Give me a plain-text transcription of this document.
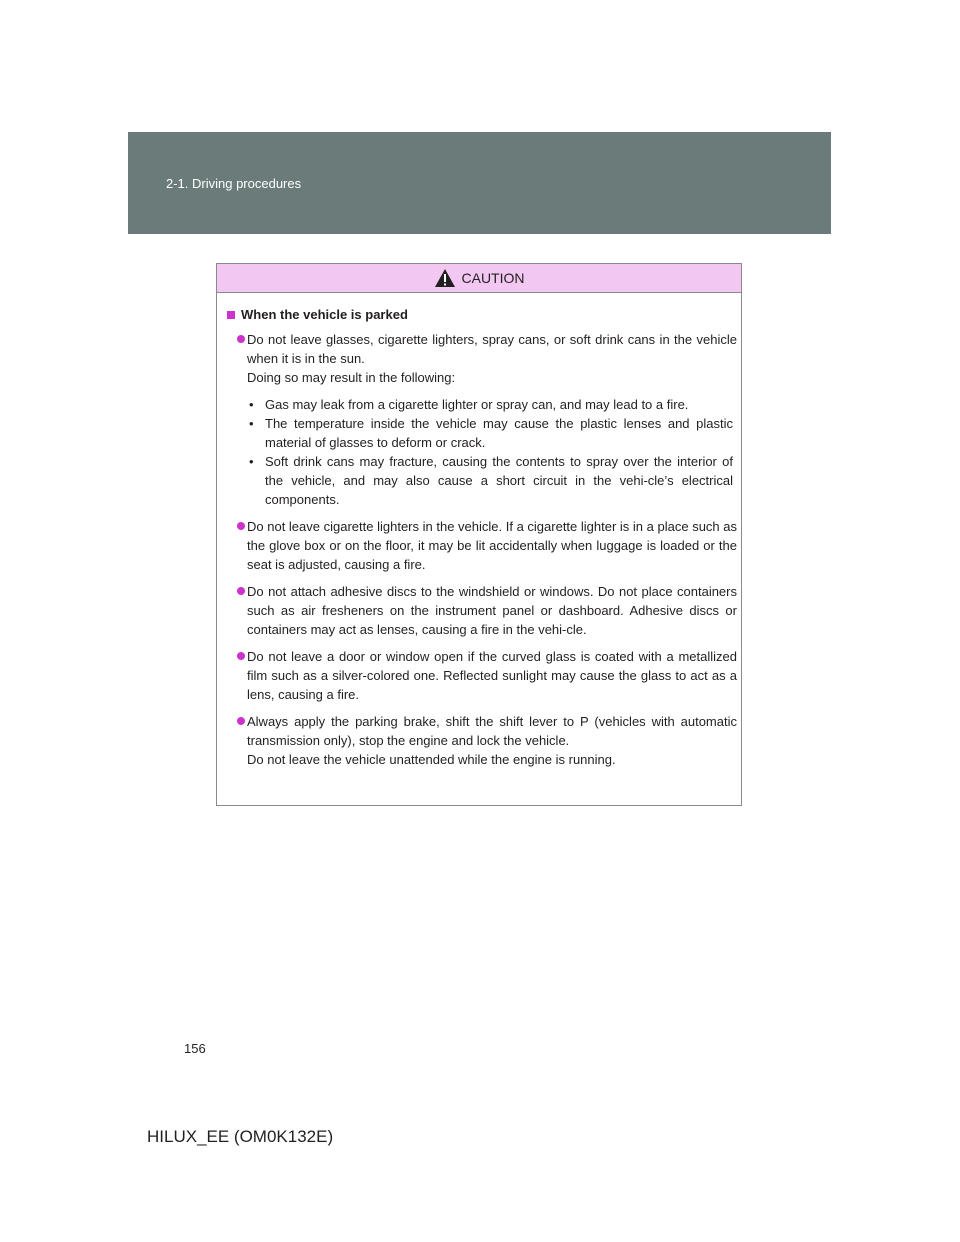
2-1. Driving procedures
CAUTION
When the vehicle is parked
Do not leave glasses, cigarette lighters, spray cans, or soft drink cans in the vehicle when it is in the sun.
Doing so may result in the following:
• Gas may leak from a cigarette lighter or spray can, and may lead to a fire.
• The temperature inside the vehicle may cause the plastic lenses and plastic material of glasses to deform or crack.
• Soft drink cans may fracture, causing the contents to spray over the interior of the vehicle, and may also cause a short circuit in the vehi-cle’s electrical components.
Do not leave cigarette lighters in the vehicle. If a cigarette lighter is in a place such as the glove box or on the floor, it may be lit accidentally when luggage is loaded or the seat is adjusted, causing a fire.
Do not attach adhesive discs to the windshield or windows. Do not place containers such as air fresheners on the instrument panel or dashboard. Adhesive discs or containers may act as lenses, causing a fire in the vehi-cle.
Do not leave a door or window open if the curved glass is coated with a metallized film such as a silver-colored one. Reflected sunlight may cause the glass to act as a lens, causing a fire.
Always apply the parking brake, shift the shift lever to P (vehicles with automatic transmission only), stop the engine and lock the vehicle.
Do not leave the vehicle unattended while the engine is running.
156
HILUX_EE (OM0K132E)
